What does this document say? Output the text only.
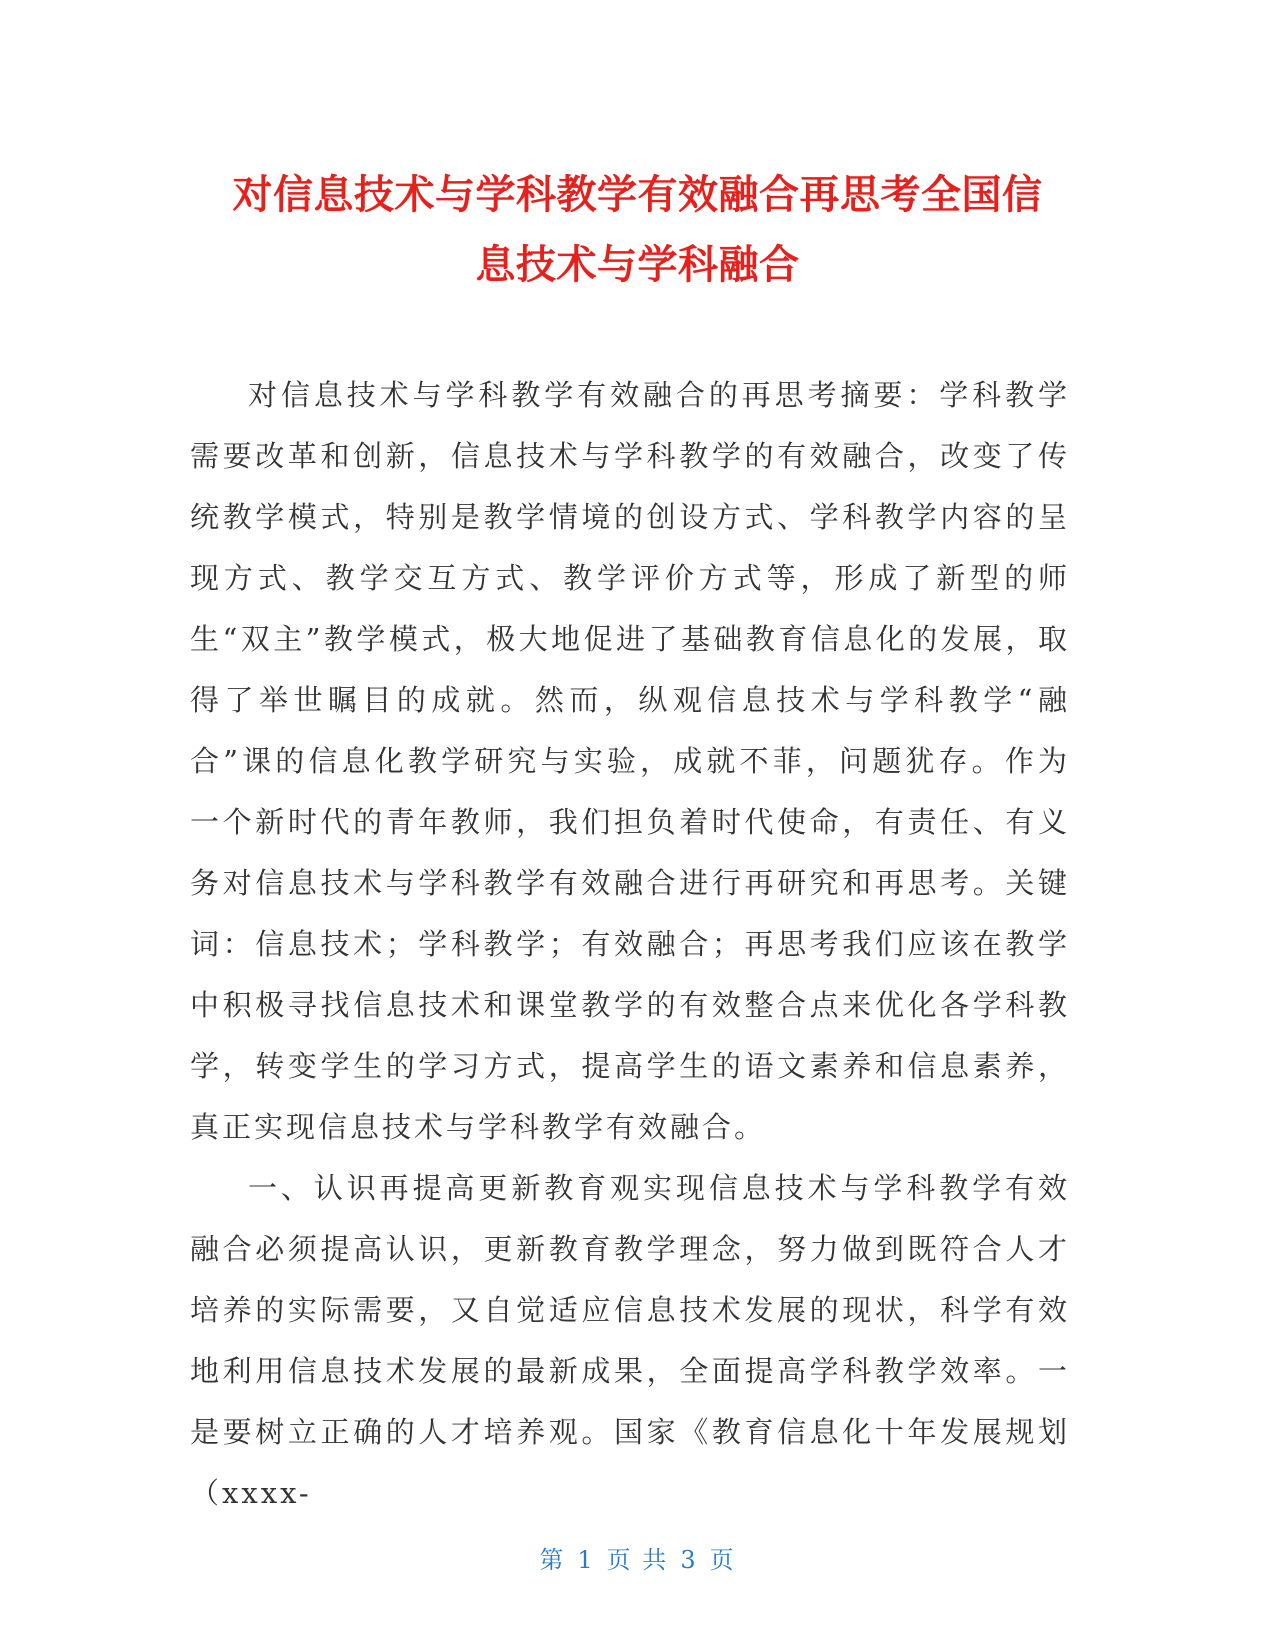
对信息技术与学科教学有效融合再思考全国信
息技术与学科融合

对信息技术与学科教学有效融合的再思考摘要：学科教学需要改革和创新，信息技术与学科教学的有效融合，改变了传统教学模式，特别是教学情境的创设方式、学科教学内容的呈现方式、教学交互方式、教学评价方式等，形成了新型的师生“双主”教学模式，极大地促进了基础教育信息化的发展，取得了举世瞩目的成就。然而，纵观信息技术与学科教学“融合”课的信息化教学研究与实验，成就不菲，问题犹存。作为一个新时代的青年教师，我们担负着时代使命，有责任、有义务对信息技术与学科教学有效融合进行再研究和再思考。关键词：信息技术；学科教学；有效融合；再思考我们应该在教学中积极寻找信息技术和课堂教学的有效整合点来优化各学科教学，转变学生的学习方式，提高学生的语文素养和信息素养，真正实现信息技术与学科教学有效融合。

一、认识再提高更新教育观实现信息技术与学科教学有效融合必须提高认识，更新教育教学理念，努力做到既符合人才培养的实际需要，又自觉适应信息技术发展的现状，科学有效地利用信息技术发展的最新成果，全面提高学科教学效率。一是要树立正确的人才培养观。国家《教育信息化十年发展规划（xxxx-

第 1 页 共 3 页
